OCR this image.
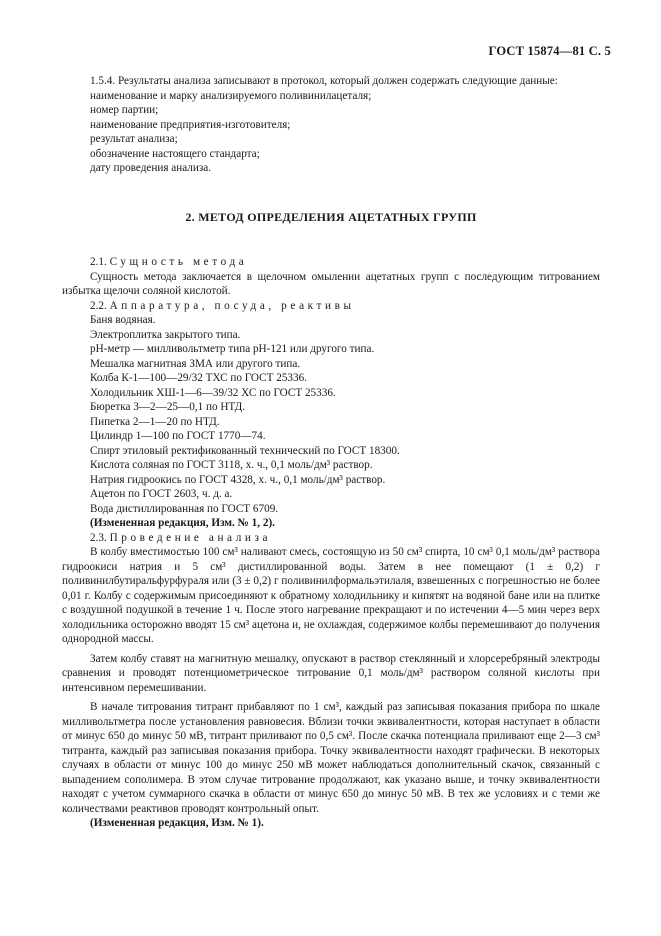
ГОСТ 15874—81 С. 5

1.5.4. Результаты анализа записывают в протокол, который должен содержать следующие данные:

наименование и марку анализируемого поливинилацеталя;

номер партии;

наименование предприятия-изготовителя;

результат анализа;

обозначение настоящего стандарта;

дату проведения анализа.

2. МЕТОД ОПРЕДЕЛЕНИЯ АЦЕТАТНЫХ ГРУПП

2.1. Сущность метода

Сущность метода заключается в щелочном омылении ацетатных групп с последующим титрованием избытка щелочи соляной кислотой.

2.2. Аппаратура, посуда, реактивы

Баня водяная.

Электроплитка закрытого типа.

pH-метр — милливольтметр типа pH-121 или другого типа.

Мешалка магнитная ЗМА или другого типа.

Колба К-1—100—29/32 ТХС по ГОСТ 25336.

Холодильник ХШ-1—6—39/32 ХС по ГОСТ 25336.

Бюретка 3—2—25—0,1 по НТД.

Пипетка 2—1—20 по НТД.

Цилиндр 1—100 по ГОСТ 1770—74.

Спирт этиловый ректификованный технический по ГОСТ 18300.

Кислота соляная по ГОСТ 3118, х. ч., 0,1 моль/дм³ раствор.

Натрия гидроокись по ГОСТ 4328, х. ч., 0,1 моль/дм³ раствор.

Ацетон по ГОСТ 2603, ч. д. а.

Вода дистиллированная по ГОСТ 6709.

(Измененная редакция, Изм. № 1, 2).

2.3. Проведение анализа

В колбу вместимостью 100 см³ наливают смесь, состоящую из 50 см³ спирта, 10 см³ 0,1 моль/дм³ раствора гидроокиси натрия и 5 см³ дистиллированной воды. Затем в нее помещают (1 ± 0,2) г поливинилбутиральфурфураля или (3 ± 0,2) г поливинилформальэтилаля, взвешенных с погрешностью не более 0,01 г. Колбу с содержимым присоединяют к обратному холодильнику и кипятят на водяной бане или на плитке с воздушной подушкой в течение 1 ч. После этого нагревание прекращают и по истечении 4—5 мин через верх холодильника осторожно вводят 15 см³ ацетона и, не охлаждая, содержимое колбы перемешивают до получения однородной массы.

Затем колбу ставят на магнитную мешалку, опускают в раствор стеклянный и хлорсеребряный электроды сравнения и проводят потенциометрическое титрование 0,1 моль/дм³ раствором соляной кислоты при интенсивном перемешивании.

В начале титрования титрант прибавляют по 1 см³, каждый раз записывая показания прибора по шкале милливольтметра после установления равновесия. Вблизи точки эквивалентности, которая наступает в области от минус 650 до минус 50 мВ, титрант приливают по 0,5 см³. После скачка потенциала приливают еще 2—3 см³ титранта, каждый раз записывая показания прибора. Точку эквивалентности находят графически. В некоторых случаях в области от минус 100 до минус 250 мВ может наблюдаться дополнительный скачок, связанный с выпадением сополимера. В этом случае титрование продолжают, как указано выше, и точку эквивалентности находят с учетом суммарного скачка в области от минус 650 до минус 50 мВ. В тех же условиях и с теми же количествами реактивов проводят контрольный опыт.

(Измененная редакция, Изм. № 1).
